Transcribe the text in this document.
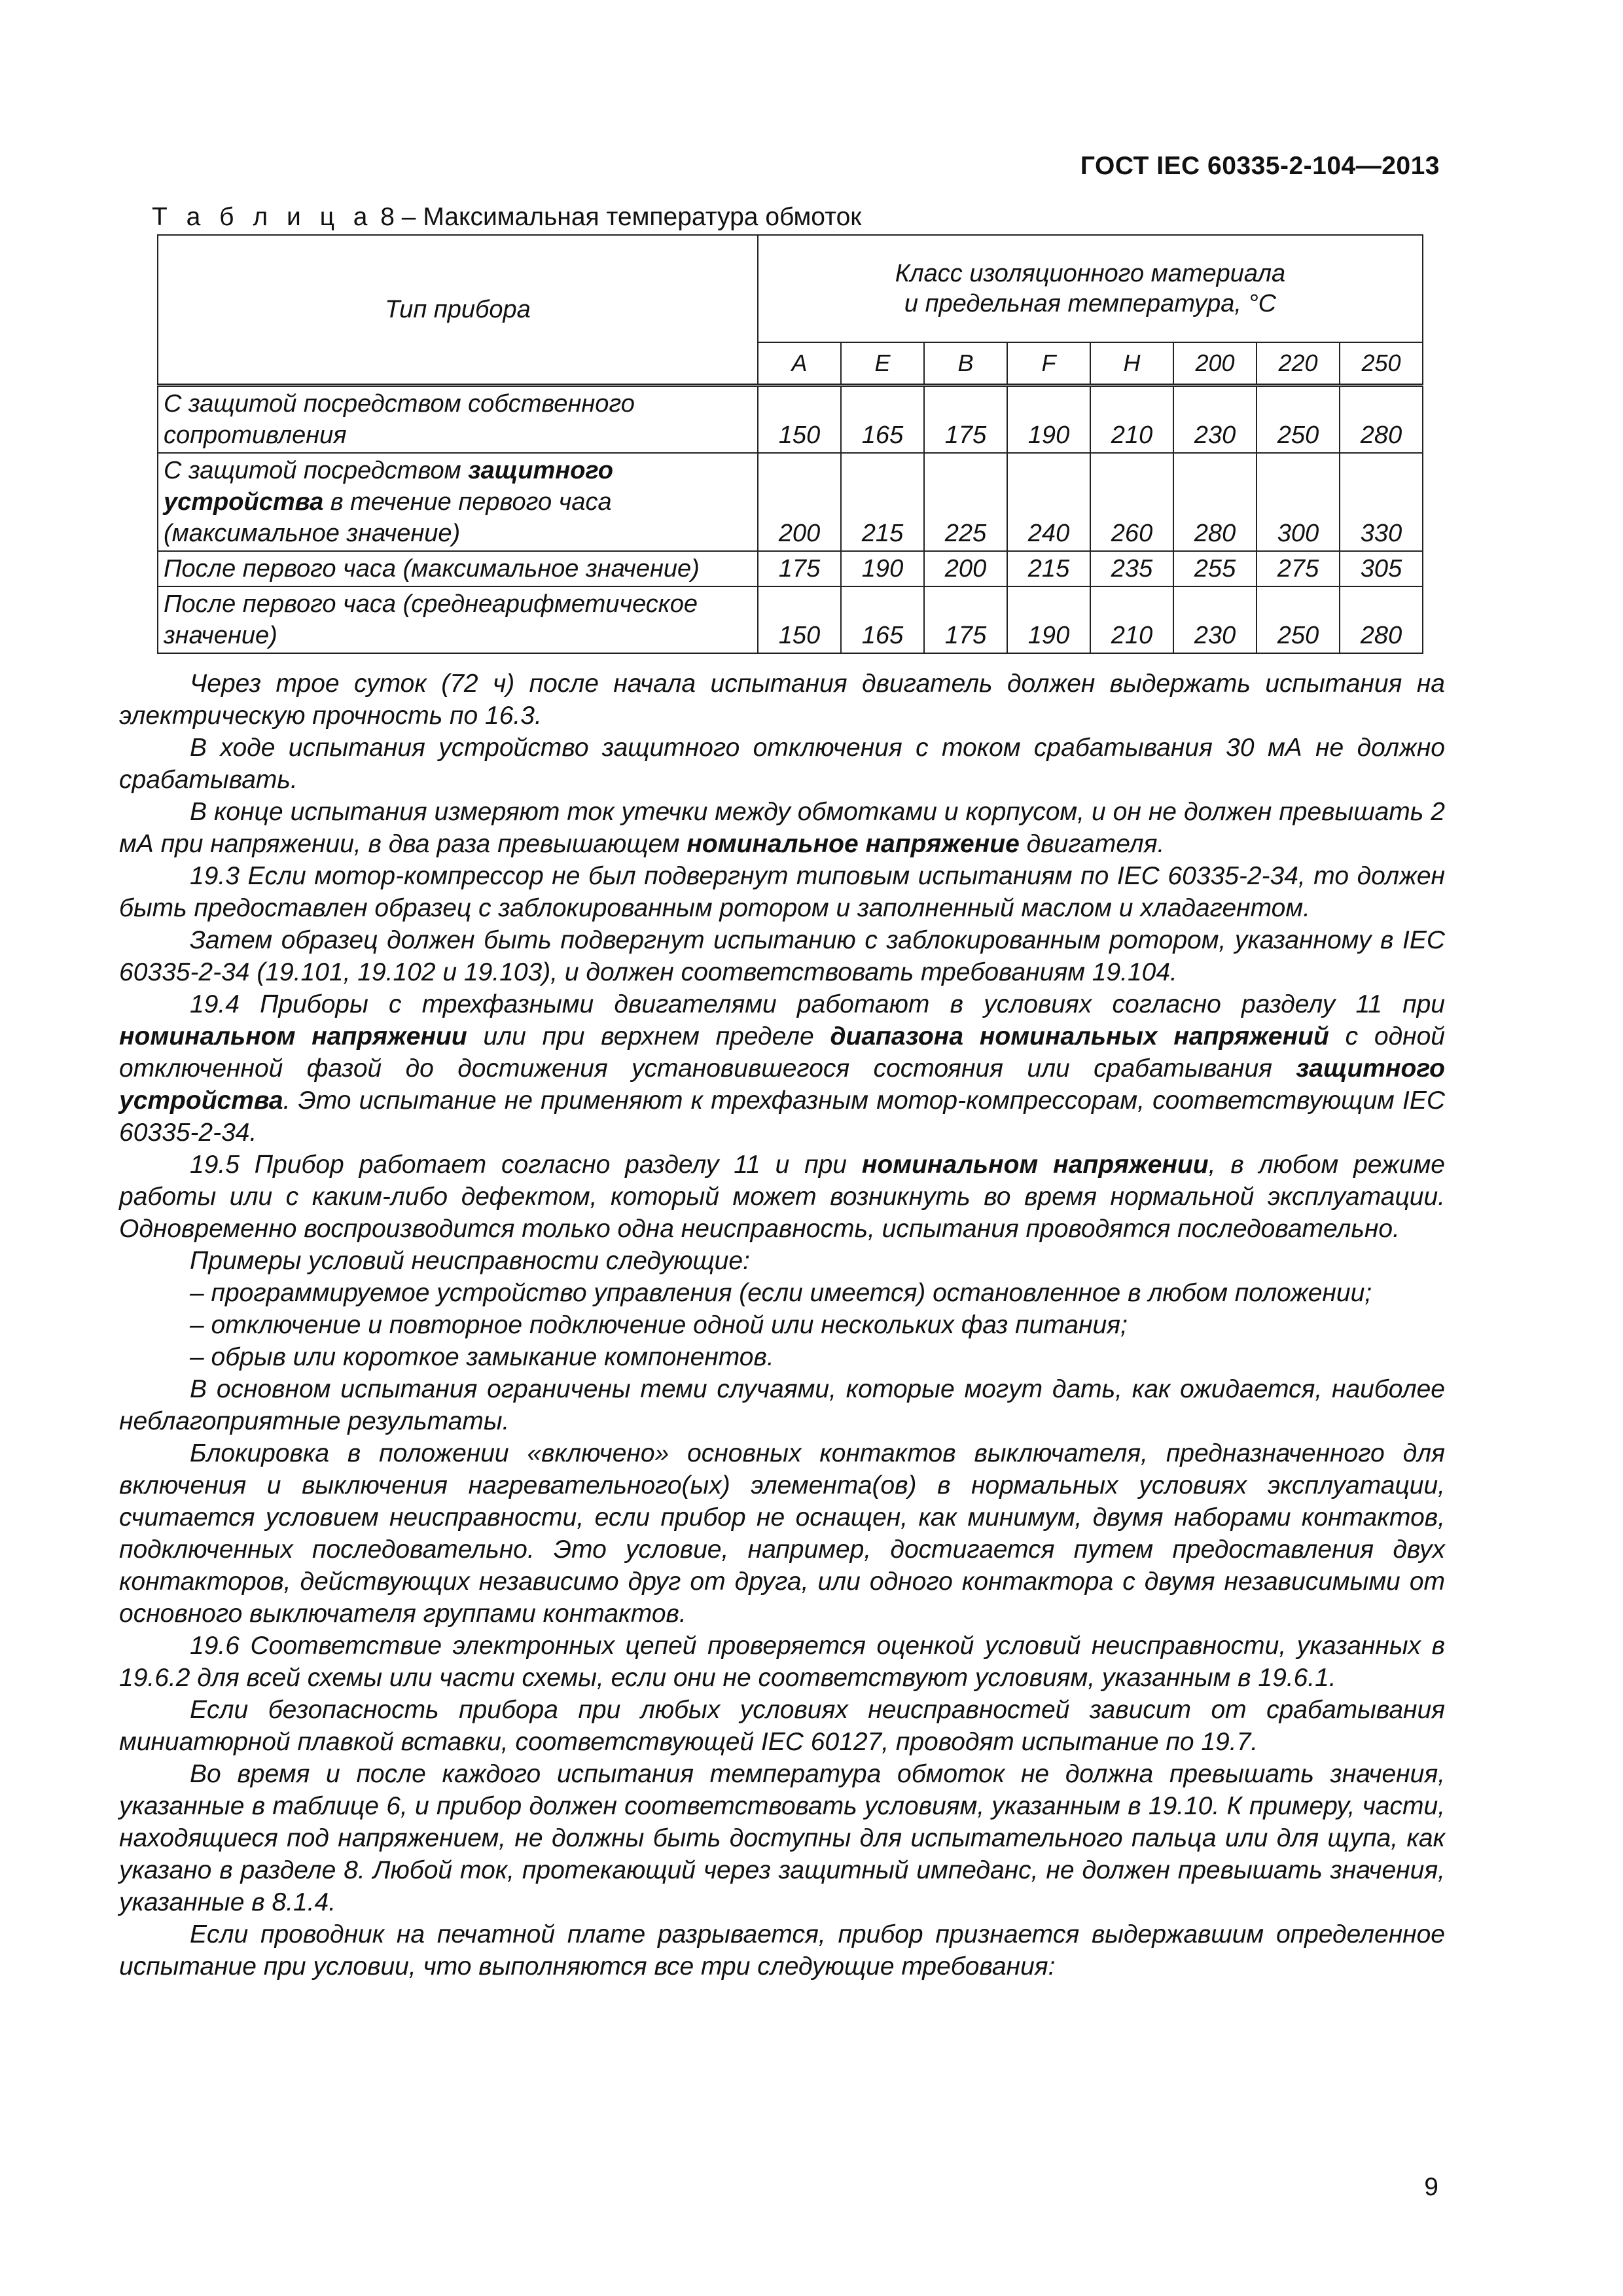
ГОСТ IEC 60335-2-104—2013
Т а б л и ц а 8 – Максимальная температура обмоток
Тип прибора	Класс изоляционного материала
и предельная температура, °С							

	A	E	B	F	H	200	220	250
С защитой посредством собственного сопротивления	150	165	175	190	210	230	250	280
С защитой посредством защитного устройства в течение первого часа (максимальное значение)	200	215	225	240	260	280	300	330
После первого часа (максимальное значение)	175	190	200	215	235	255	275	305
После первого часа (среднеарифметическое значение)	150	165	175	190	210	230	250	280

Через трое суток (72 ч) после начала испытания двигатель должен выдержать испытания на электрическую прочность по 16.3.

В ходе испытания устройство защитного отключения с током срабатывания 30 мА не должно срабатывать.

В конце испытания измеряют ток утечки между обмотками и корпусом, и он не должен превышать 2 мА при напряжении, в два раза превышающем номинальное напряжение двигателя.

19.3 Если мотор-компрессор не был подвергнут типовым испытаниям по IEC 60335-2-34, то должен быть предоставлен образец с заблокированным ротором и заполненный маслом и хладагентом.

Затем образец должен быть подвергнут испытанию с заблокированным ротором, указанному в IEC 60335-2-34 (19.101, 19.102 и 19.103), и должен соответствовать требованиям 19.104.

19.4 Приборы с трехфазными двигателями работают в условиях согласно разделу 11 при номинальном напряжении или при верхнем пределе диапазона номинальных напряжений с одной отключенной фазой до достижения установившегося состояния или срабатывания защитного устройства. Это испытание не применяют к трехфазным мотор-компрессорам, соответствующим IEC 60335-2-34.

19.5 Прибор работает согласно разделу 11 и при номинальном напряжении, в любом режиме работы или с каким-либо дефектом, который может возникнуть во время нормальной эксплуатации. Одновременно воспроизводится только одна неисправность, испытания проводятся последовательно.

Примеры условий неисправности следующие:

– программируемое устройство управления (если имеется) остановленное в любом положении;

– отключение и повторное подключение одной или нескольких фаз питания;

– обрыв или короткое замыкание компонентов.

В основном испытания ограничены теми случаями, которые могут дать, как ожидается, наиболее неблагоприятные результаты.

Блокировка в положении «включено» основных контактов выключателя, предназначенного для включения и выключения нагревательного(ых) элемента(ов) в нормальных условиях эксплуатации, считается условием неисправности, если прибор не оснащен, как минимум, двумя наборами контактов, подключенных последовательно. Это условие, например, достигается путем предоставления двух контакторов, действующих независимо друг от друга, или одного контактора с двумя независимыми от основного выключателя группами контактов.

19.6 Соответствие электронных цепей проверяется оценкой условий неисправности, указанных в 19.6.2 для всей схемы или части схемы, если они не соответствуют условиям, указанным в 19.6.1.

Если безопасность прибора при любых условиях неисправностей зависит от срабатывания миниатюрной плавкой вставки, соответствующей IEC 60127, проводят испытание по 19.7.

Во время и после каждого испытания температура обмоток не должна превышать значения, указанные в таблице 6, и прибор должен соответствовать условиям, указанным в 19.10. К примеру, части, находящиеся под напряжением, не должны быть доступны для испытательного пальца или для щупа, как указано в разделе 8. Любой ток, протекающий через защитный импеданс, не должен превышать значения, указанные в 8.1.4.

Если проводник на печатной плате разрывается, прибор признается выдержавшим определенное испытание при условии, что выполняются все три следующие требования:

9
